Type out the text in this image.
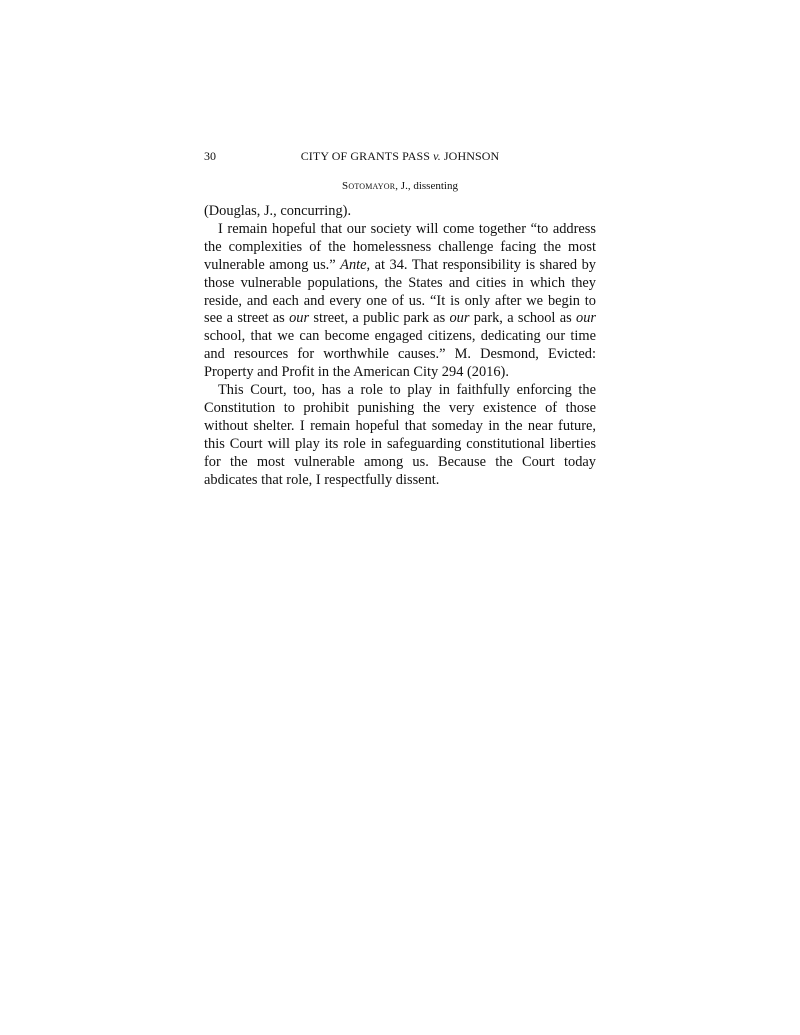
30	CITY OF GRANTS PASS v. JOHNSON
Sotomayor, J., dissenting

(Douglas, J., concurring).

I remain hopeful that our society will come together “to address the complexities of the homelessness challenge facing the most vulnerable among us.” Ante, at 34. That responsibility is shared by those vulnerable populations, the States and cities in which they reside, and each and every one of us. “It is only after we begin to see a street as our street, a public park as our park, a school as our school, that we can become engaged citizens, dedicating our time and resources for worthwhile causes.” M. Desmond, Evicted: Property and Profit in the American City 294 (2016).

This Court, too, has a role to play in faithfully enforcing the Constitution to prohibit punishing the very existence of those without shelter. I remain hopeful that someday in the near future, this Court will play its role in safeguarding constitutional liberties for the most vulnerable among us. Because the Court today abdicates that role, I respectfully dissent.
